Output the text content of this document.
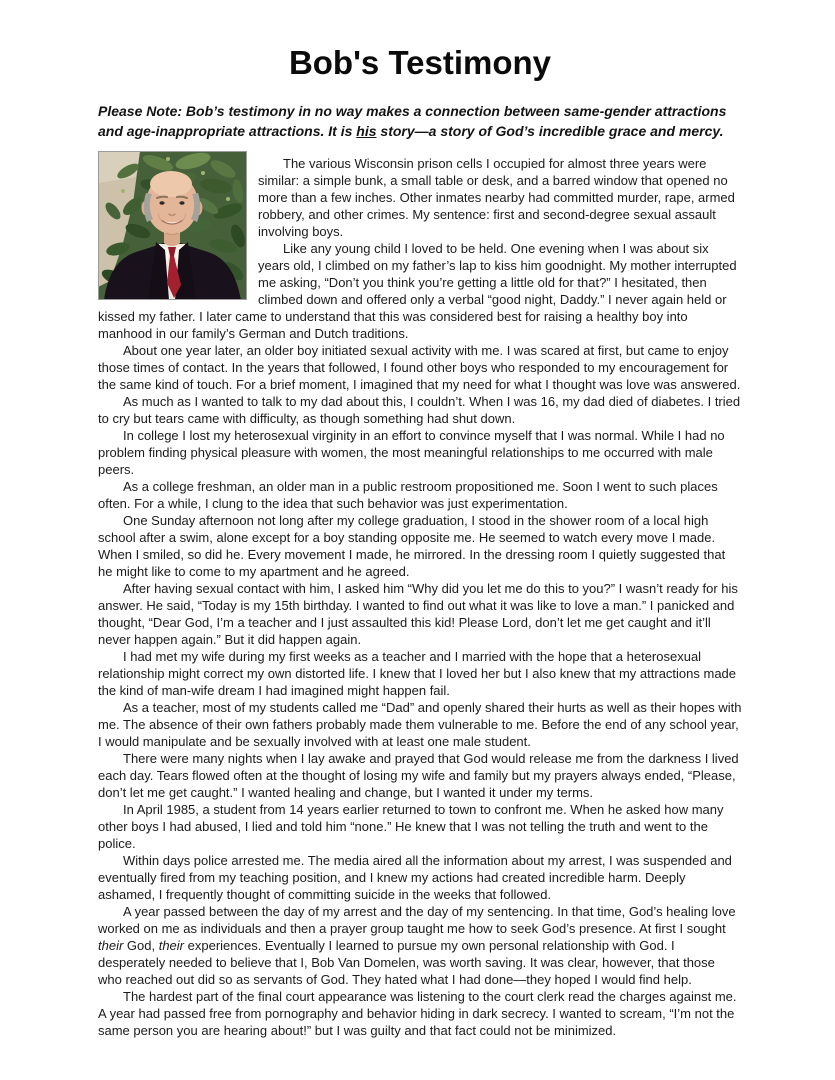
Bob's Testimony
Please Note: Bob’s testimony in no way makes a connection between same-gender attractions and age-inappropriate attractions. It is his story—a story of God’s incredible grace and mercy.

The various Wisconsin prison cells I occupied for almost three years were similar: a simple bunk, a small table or desk, and a barred window that opened no more than a few inches. Other inmates nearby had committed murder, rape, armed robbery, and other crimes. My sentence: first and second-degree sexual assault involving boys.

Like any young child I loved to be held. One evening when I was about six years old, I climbed on my father’s lap to kiss him goodnight. My mother interrupted me asking, “Don’t you think you’re getting a little old for that?” I hesitated, then climbed down and offered only a verbal “good night, Daddy.” I never again held or kissed my father. I later came to understand that this was considered best for raising a healthy boy into manhood in our family’s German and Dutch traditions.

About one year later, an older boy initiated sexual activity with me. I was scared at first, but came to enjoy those times of contact. In the years that followed, I found other boys who responded to my encouragement for the same kind of touch. For a brief moment, I imagined that my need for what I thought was love was answered.

As much as I wanted to talk to my dad about this, I couldn’t. When I was 16, my dad died of diabetes. I tried to cry but tears came with difficulty, as though something had shut down.

In college I lost my heterosexual virginity in an effort to convince myself that I was normal. While I had no problem finding physical pleasure with women, the most meaningful relationships to me occurred with male peers.

As a college freshman, an older man in a public restroom propositioned me. Soon I went to such places often. For a while, I clung to the idea that such behavior was just experimentation.

One Sunday afternoon not long after my college graduation, I stood in the shower room of a local high school after a swim, alone except for a boy standing opposite me. He seemed to watch every move I made. When I smiled, so did he. Every movement I made, he mirrored. In the dressing room I quietly suggested that he might like to come to my apartment and he agreed.

After having sexual contact with him, I asked him “Why did you let me do this to you?” I wasn’t ready for his answer. He said, “Today is my 15th birthday. I wanted to find out what it was like to love a man.” I panicked and thought, “Dear God, I’m a teacher and I just assaulted this kid! Please Lord, don’t let me get caught and it’ll never happen again.” But it did happen again.

I had met my wife during my first weeks as a teacher and I married with the hope that a heterosexual relationship might correct my own distorted life. I knew that I loved her but I also knew that my attractions made the kind of man-wife dream I had imagined might happen fail.

As a teacher, most of my students called me “Dad” and openly shared their hurts as well as their hopes with me. The absence of their own fathers probably made them vulnerable to me. Before the end of any school year, I would manipulate and be sexually involved with at least one male student.

There were many nights when I lay awake and prayed that God would release me from the darkness I lived each day. Tears flowed often at the thought of losing my wife and family but my prayers always ended, “Please, don’t let me get caught.” I wanted healing and change, but I wanted it under my terms.

In April 1985, a student from 14 years earlier returned to town to confront me. When he asked how many other boys I had abused, I lied and told him “none.” He knew that I was not telling the truth and went to the police.

Within days police arrested me. The media aired all the information about my arrest, I was suspended and eventually fired from my teaching position, and I knew my actions had created incredible harm. Deeply ashamed, I frequently thought of committing suicide in the weeks that followed.

A year passed between the day of my arrest and the day of my sentencing. In that time, God’s healing love worked on me as individuals and then a prayer group taught me how to seek God’s presence. At first I sought their God, their experiences. Eventually I learned to pursue my own personal relationship with God. I desperately needed to believe that I, Bob Van Domelen, was worth saving. It was clear, however, that those who reached out did so as servants of God. They hated what I had done—they hoped I would find help.

The hardest part of the final court appearance was listening to the court clerk read the charges against me. A year had passed free from pornography and behavior hiding in dark secrecy. I wanted to scream, “I’m not the same person you are hearing about!” but I was guilty and that fact could not be minimized.
